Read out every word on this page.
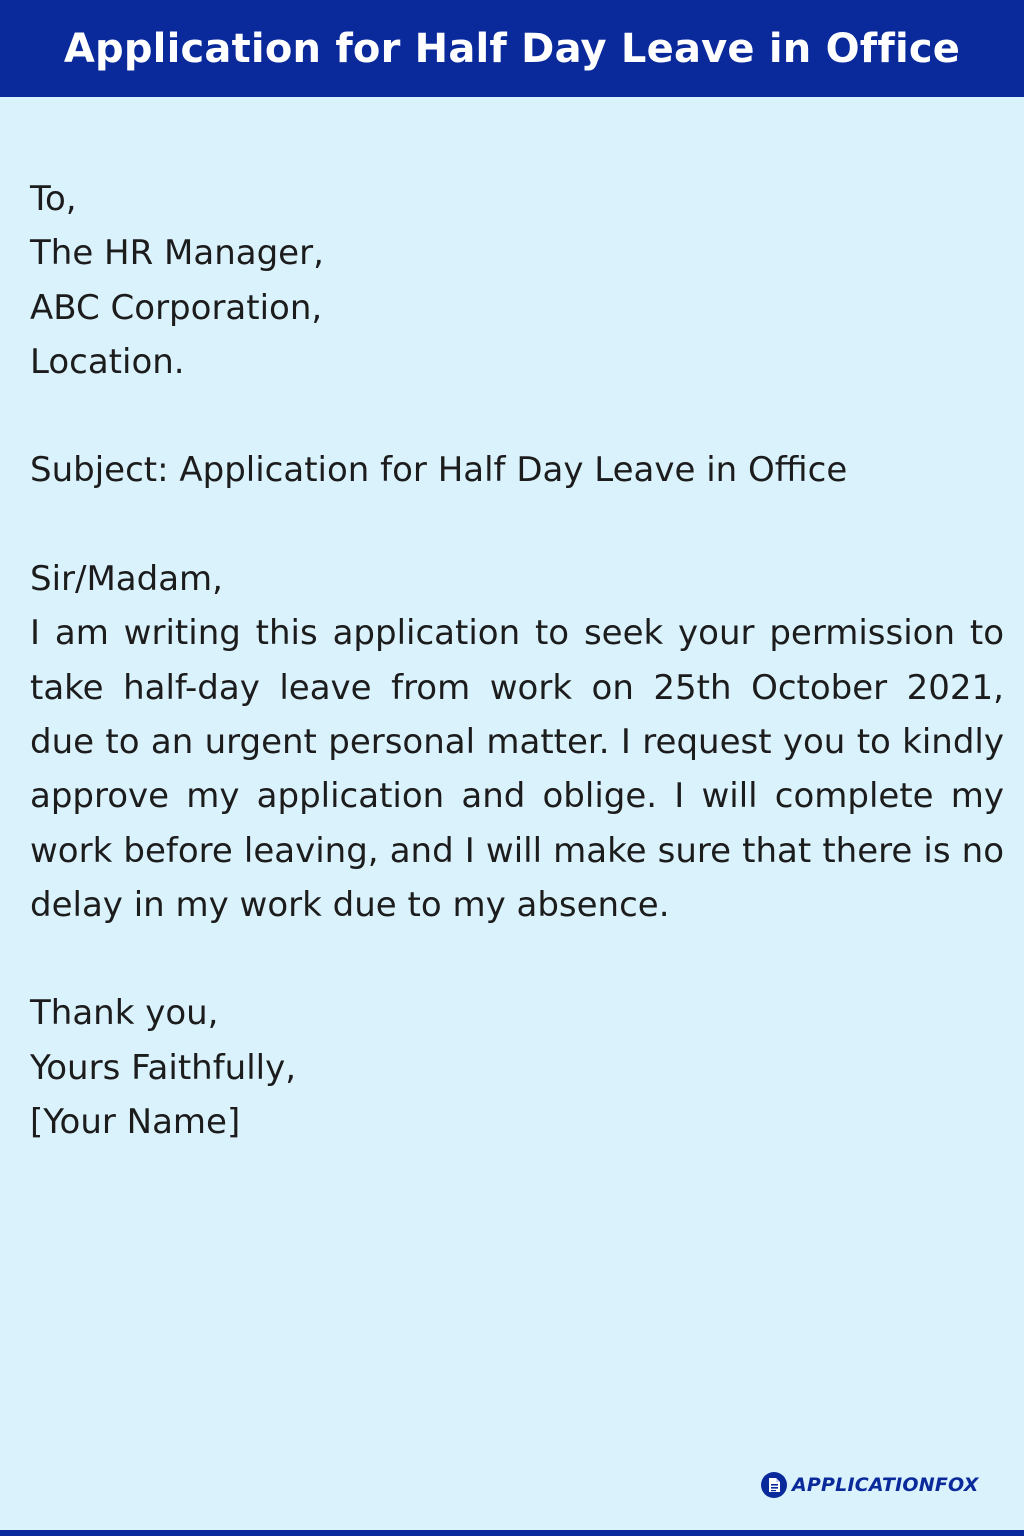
Application for Half Day Leave in Office
To,
The HR Manager,
ABC Corporation,
Location.
Subject: Application for Half Day Leave in Office
Sir/Madam,

I am writing this application to seek your permission to take half-day leave from work on 25th October 2021, due to an urgent personal matter. I request you to kindly approve my application and oblige. I will complete my work before leaving, and I will make sure that there is no delay in my work due to my absence.

Thank you,
Yours Faithfully,
[Your Name]
APPLICATIONFOX
